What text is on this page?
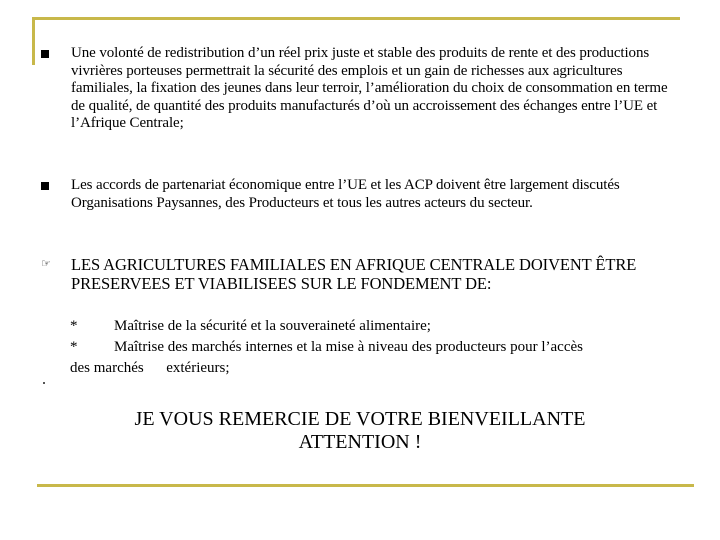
Une volonté de redistribution d’un réel prix juste et stable des produits de rente et des productions vivrières porteuses permettrait la sécurité des emplois et un gain de richesses aux agricultures familiales, la fixation des jeunes dans leur terroir, l’amélioration du choix de consommation en terme de qualité, de quantité des produits manufacturés d’où un accroissement des échanges entre l’UE et l’Afrique Centrale;
Les accords de partenariat économique entre l’UE et les ACP doivent être largement discutés Organisations Paysannes, des Producteurs et tous les autres acteurs du secteur.
☞ LES AGRICULTURES FAMILIALES EN AFRIQUE CENTRALE DOIVENT ÊTRE PRESERVEES ET VIABILISEES SUR LE FONDEMENT DE:
* Maîtrise de la sécurité et la souveraineté alimentaire;
* Maîtrise des marchés internes et la mise à niveau des producteurs pour l’accès
des marchés      extérieurs;
JE VOUS REMERCIE DE VOTRE BIENVEILLANTE
ATTENTION !
